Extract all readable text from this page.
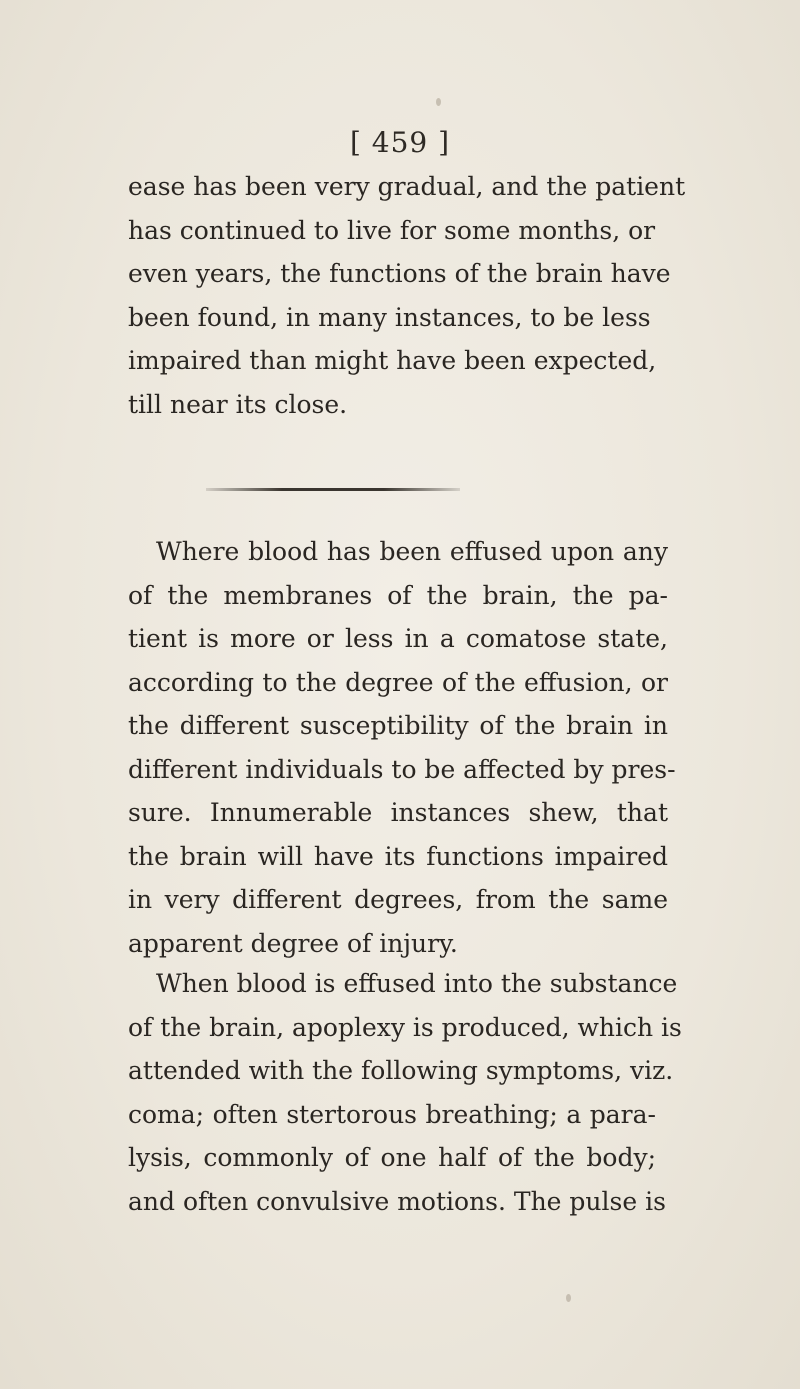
[ 459 ]

ease has been very gradual, and the patient
has continued to live for some months, or
even years, the functions of the brain have
been found, in many instances, to be less
impaired than might have been expected,
till near its close.

Where blood has been effused upon any
of the membranes of the brain, the pa-
tient is more or less in a comatose state,
according to the degree of the effusion, or
the different susceptibility of the brain in
different individuals to be affected by pres-
sure. Innumerable instances shew, that
the brain will have its functions impaired
in very different degrees, from the same
apparent degree of injury.

When blood is effused into the substance
of the brain, apoplexy is produced, which is
attended with the following symptoms, viz.
coma; often stertorous breathing; a para-
lysis, commonly of one half of the body;
and often convulsive motions. The pulse is
